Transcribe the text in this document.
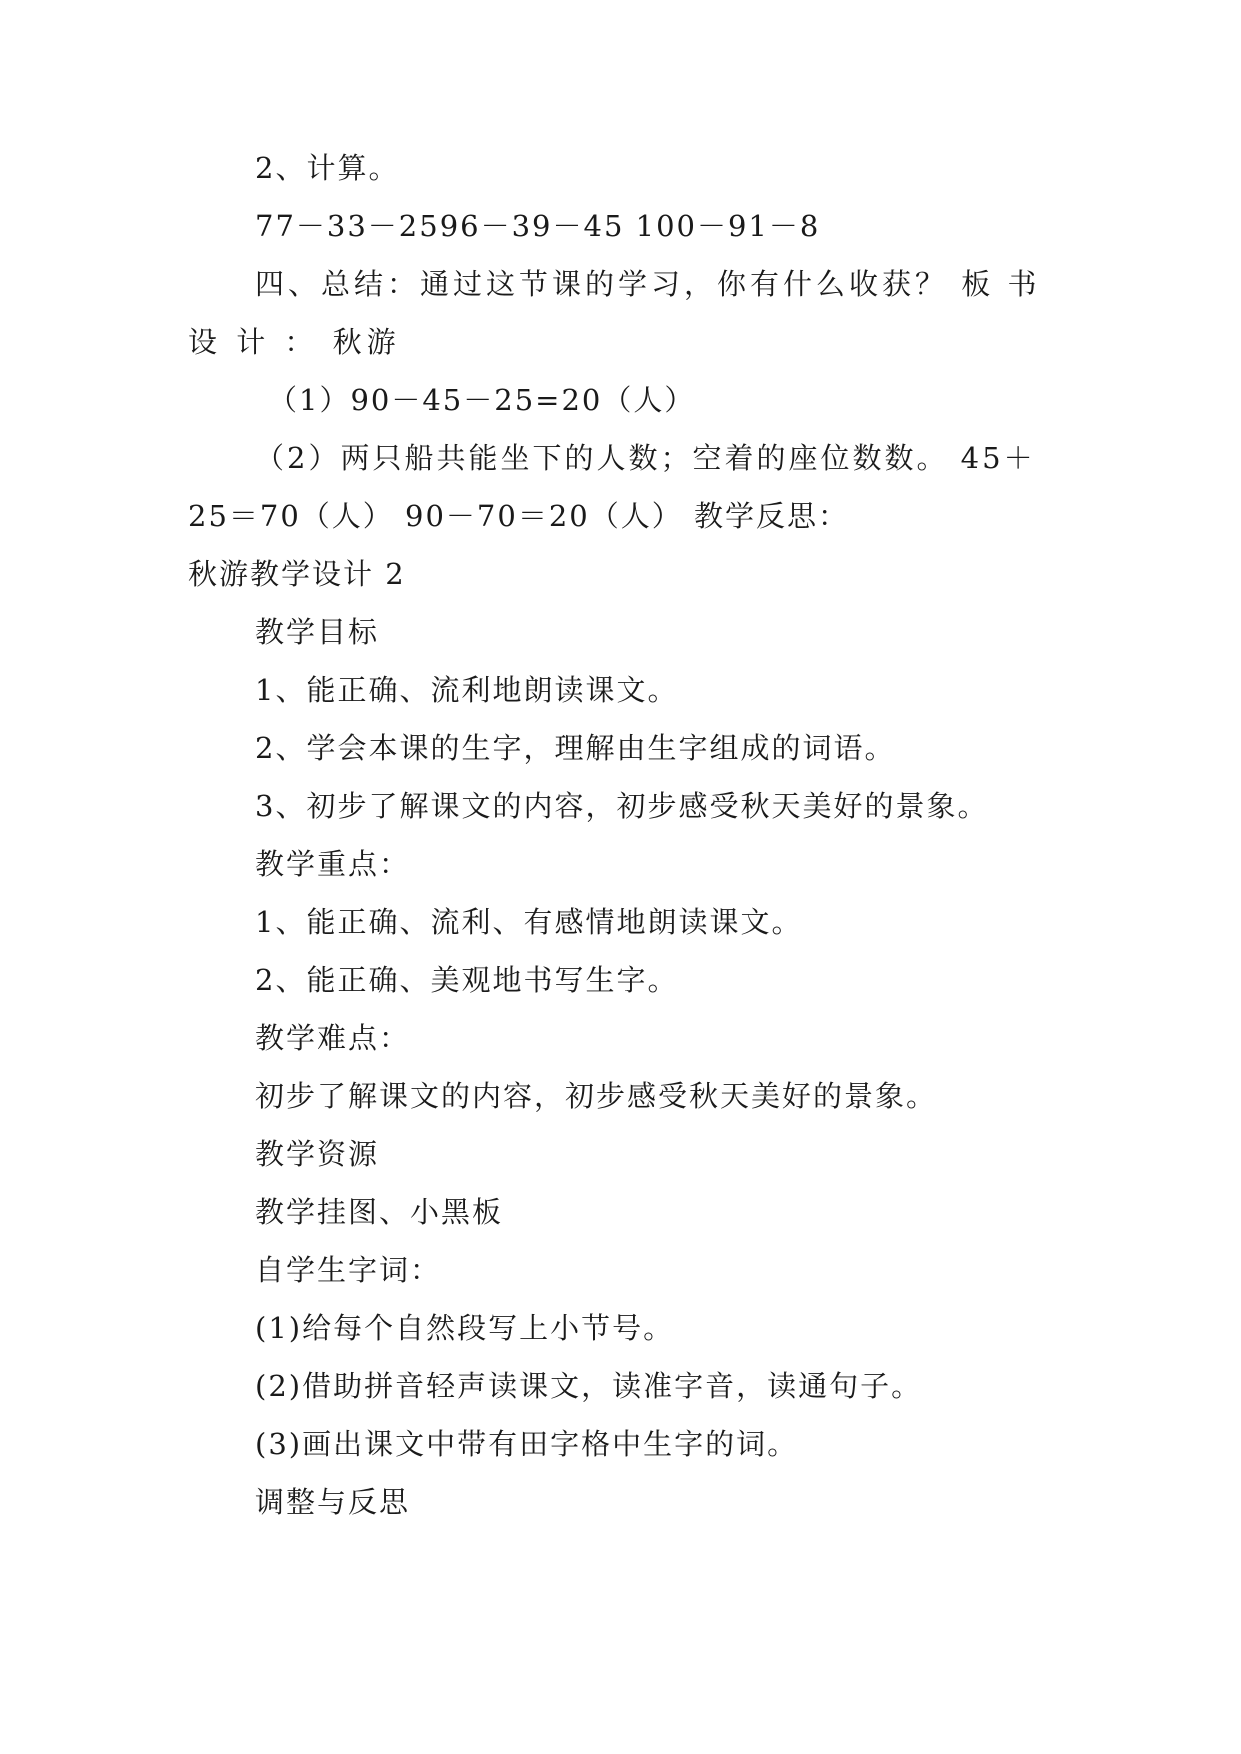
2、计算。
77－33－2596－39－45 100－91－8
四、总结：通过这节课的学习，你有什么收获？ 板 书
设 计 ： 秋游
（1）90－45－25=20（人）
（2）两只船共能坐下的人数；空着的座位数数。 45＋
25＝70（人） 90－70＝20（人） 教学反思：
秋游教学设计 2
教学目标
1、能正确、流利地朗读课文。
2、学会本课的生字，理解由生字组成的词语。
3、初步了解课文的内容，初步感受秋天美好的景象。
教学重点：
1、能正确、流利、有感情地朗读课文。
2、能正确、美观地书写生字。
教学难点：
初步了解课文的内容，初步感受秋天美好的景象。
教学资源
教学挂图、小黑板
自学生字词：
(1)给每个自然段写上小节号。
(2)借助拼音轻声读课文，读准字音，读通句子。
(3)画出课文中带有田字格中生字的词。
调整与反思
